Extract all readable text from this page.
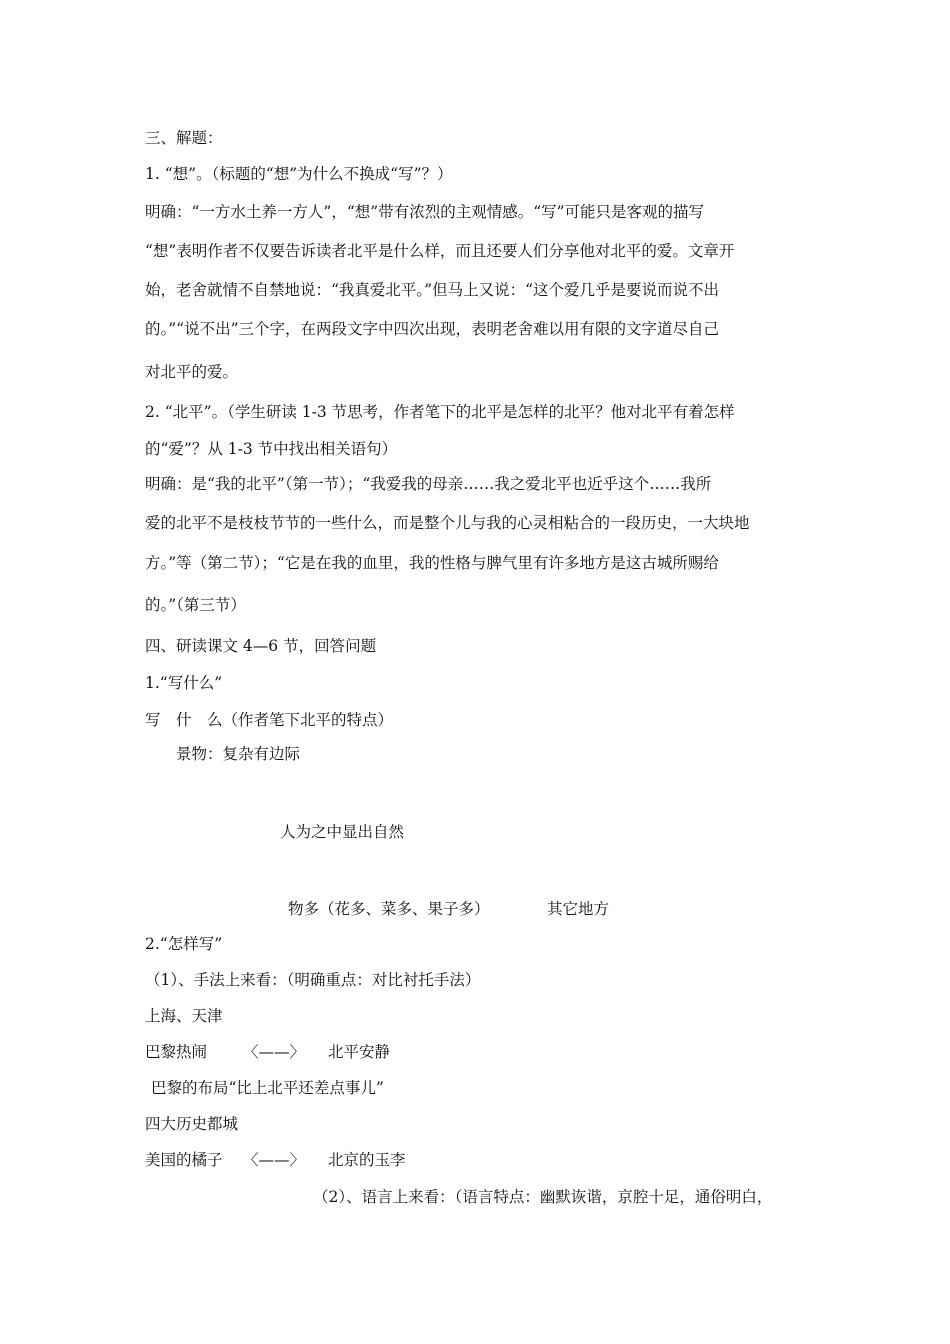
三、解题：
1. “想”。（标题的“想”为什么不换成“写”？）
明确：“一方水土养一方人”，“想”带有浓烈的主观情感。“写”可能只是客观的描写
“想”表明作者不仅要告诉读者北平是什么样，而且还要人们分享他对北平的爱。文章开
始，老舍就情不自禁地说：“我真爱北平。”但马上又说：“这个爱几乎是要说而说不出
的。”“说不出”三个字，在两段文字中四次出现，表明老舍难以用有限的文字道尽自己
对北平的爱。
2. “北平”。（学生研读 1-3 节思考，作者笔下的北平是怎样的北平？他对北平有着怎样
的“爱”？从 1-3 节中找出相关语句）
明确：是“我的北平”（第一节）；“我爱我的母亲……我之爱北平也近乎这个……我所
爱的北平不是枝枝节节的一些什么，而是整个儿与我的心灵相粘合的一段历史，一大块地
方。”等（第二节）；“它是在我的血里，我的性格与脾气里有许多地方是这古城所赐给
的。”（第三节）
四、研读课文 4—6 节，回答问题
1.“写什么”
写　什　么（作者笔下北平的特点）
景物：复杂有边际
人为之中显出自然
物多（花多、菜多、果子多）	其它地方
2.“怎样写”
（1）、手法上来看：（明确重点：对比衬托手法）
上海、天津
巴黎热闹 〈——〉 北平安静
巴黎的布局“比上北平还差点事儿”
四大历史都城
美国的橘子 〈——〉 北京的玉李
（2）、语言上来看：（语言特点：幽默诙谐，京腔十足，通俗明白，
